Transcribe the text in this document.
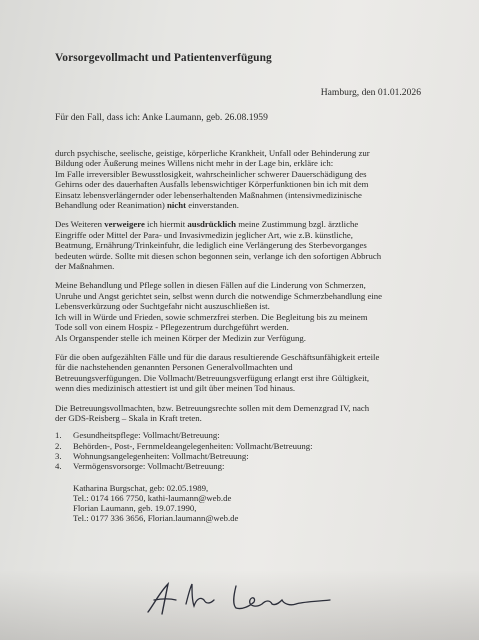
Vorsorgevollmacht und Patientenverfügung
Hamburg, den 01.01.2026
Für den Fall, dass ich: Anke Laumann, geb. 26.08.1959

durch psychische, seelische, geistige, körperliche Krankheit, Unfall oder Behinderung zur
Bildung oder Äußerung meines Willens nicht mehr in der Lage bin, erkläre ich:
Im Falle irreversibler Bewusstlosigkeit, wahrscheinlicher schwerer Dauerschädigung des
Gehirns oder des dauerhaften Ausfalls lebenswichtiger Körperfunktionen bin ich mit dem
Einsatz lebensverlängernder oder lebenserhaltenden Maßnahmen (intensivmedizinische
Behandlung oder Reanimation) nicht einverstanden.

Des Weiteren verweigere ich hiermit ausdrücklich meine Zustimmung bzgl. ärztliche
Eingriffe oder Mittel der Para- und Invasivmedizin jeglicher Art, wie z.B. künstliche,
Beatmung, Ernährung/Trinkeinfuhr, die lediglich eine Verlängerung des Sterbevorganges
bedeuten würde. Sollte mit diesen schon begonnen sein, verlange ich den sofortigen Abbruch
der Maßnahmen.

Meine Behandlung und Pflege sollen in diesen Fällen auf die Linderung von Schmerzen,
Unruhe und Angst gerichtet sein, selbst wenn durch die notwendige Schmerzbehandlung eine
Lebensverkürzung oder Suchtgefahr nicht auszuschließen ist.
Ich will in Würde und Frieden, sowie schmerzfrei sterben. Die Begleitung bis zu meinem
Tode soll von einem Hospiz - Pflegezentrum durchgeführt werden.
Als Organspender stelle ich meinen Körper der Medizin zur Verfügung.

Für die oben aufgezählten Fälle und für die daraus resultierende Geschäftsunfähigkeit erteile
für die nachstehenden genannten Personen Generalvollmachten und
Betreuungsverfügungen. Die Vollmacht/Betreuungsverfügung erlangt erst ihre Gültigkeit,
wenn dies medizinisch attestiert ist und gilt über meinen Tod hinaus.

Die Betreuungsvollmachten, bzw. Betreuungsrechte sollen mit dem Demenzgrad IV, nach
der GDS-Reisberg – Skala in Kraft treten.

1.	Gesundheitspflege: Vollmacht/Betreuung:
2.	Behörden-, Post-, Fernmeldeangelegenheiten: Vollmacht/Betreuung:
3.	Wohnungsangelegenheiten: Vollmacht/Betreuung:
4.	Vermögensvorsorge: Vollmacht/Betreuung:
Katharina Burgschat, geb: 02.05.1989,
Tel.: 0174 166 7750, kathi-laumann@web.de
Florian Laumann, geb. 19.07.1990,
Tel.: 0177 336 3656, Florian.laumann@web.de
